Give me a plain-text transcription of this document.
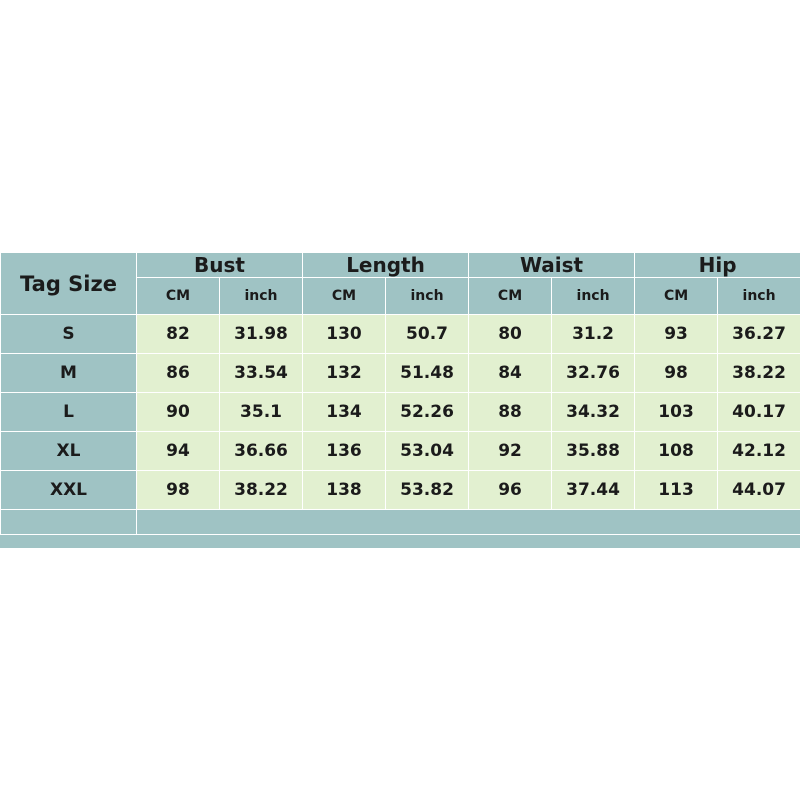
Tag Size	Bust		Length		Waist		Hip	
	CM	inch	CM	inch	CM	inch	CM	inch
S	82	31.98	130	50.7	80	31.2	93	36.27
M	86	33.54	132	51.48	84	32.76	98	38.22
L	90	35.1	134	52.26	88	34.32	103	40.17
XL	94	36.66	136	53.04	92	35.88	108	42.12
XXL	98	38.22	138	53.82	96	37.44	113	44.07
